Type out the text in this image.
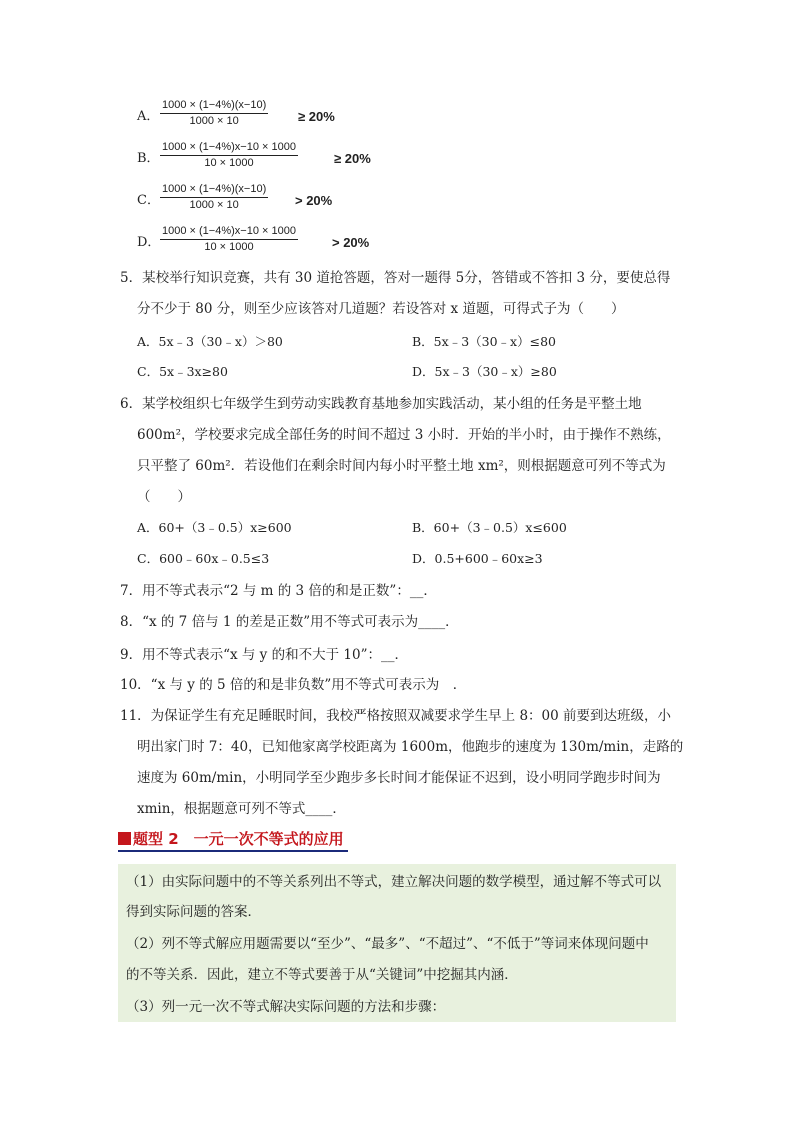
A． $\frac{1000 \times (1-4\%)(x-10)}{1000 \times 10} \ge 20\%$
B． $\frac{1000 \times (1-4\%)x-10 \times 1000}{10 \times 1000}$	≥ 20%
C． $\frac{1000 \times (1-4\%)(x-10)}{1000 \times 10} > 20\%$
D． $\frac{1000 \times (1-4\%)x-10 \times 1000}{10 \times 1000}$	> 20%
5．某校举行知识竞赛，共有 30 道抢答题，答对一题得 5分，答错或不答扣 3 分，要使总得
分不少于 80 分，则至少应该答对几道题？若设答对 x 道题，可得式子为（　　）
A．5x﹣3（30﹣x）＞80	B．5x﹣3（30﹣x）≤80
C．5x﹣3x≥80	D．5x﹣3（30﹣x）≥80
6．某学校组织七年级学生到劳动实践教育基地参加实践活动，某小组的任务是平整土地
600m²，学校要求完成全部任务的时间不超过 3 小时．开始的半小时，由于操作不熟练，
只平整了 60m²．若设他们在剩余时间内每小时平整土地 xm²，则根据题意可列不等式为
（　　）
A．60+（3﹣0.5）x≥600	B．60+（3﹣0.5）x≤600
C．600﹣60x﹣0.5≤3	D．0.5+600﹣60x≥3
7．用不等式表示“2 与 m 的 3 倍的和是正数”：__．
8．“x 的 7 倍与 1 的差是正数”用不等式可表示为____．
9．用不等式表示“x 与 y 的和不大于 10”：__．
10．“x 与 y 的 5 倍的和是非负数”用不等式可表示为　．
11．为保证学生有充足睡眠时间，我校严格按照双减要求学生早上 8：00 前要到达班级，小
明出家门时 7：40，已知他家离学校距离为 1600m，他跑步的速度为 130m/min，走路的
速度为 60m/min，小明同学至少跑步多长时间才能保证不迟到，设小明同学跑步时间为
xmin，根据题意可列不等式____．
题型 2　一元一次不等式的应用
（1）由实际问题中的不等关系列出不等式，建立解决问题的数学模型，通过解不等式可以
得到实际问题的答案．
（2）列不等式解应用题需要以“至少”、“最多”、“不超过”、“不低于”等词来体现问题中
的不等关系．因此，建立不等式要善于从“关键词”中挖掘其内涵．
（3）列一元一次不等式解决实际问题的方法和步骤：
